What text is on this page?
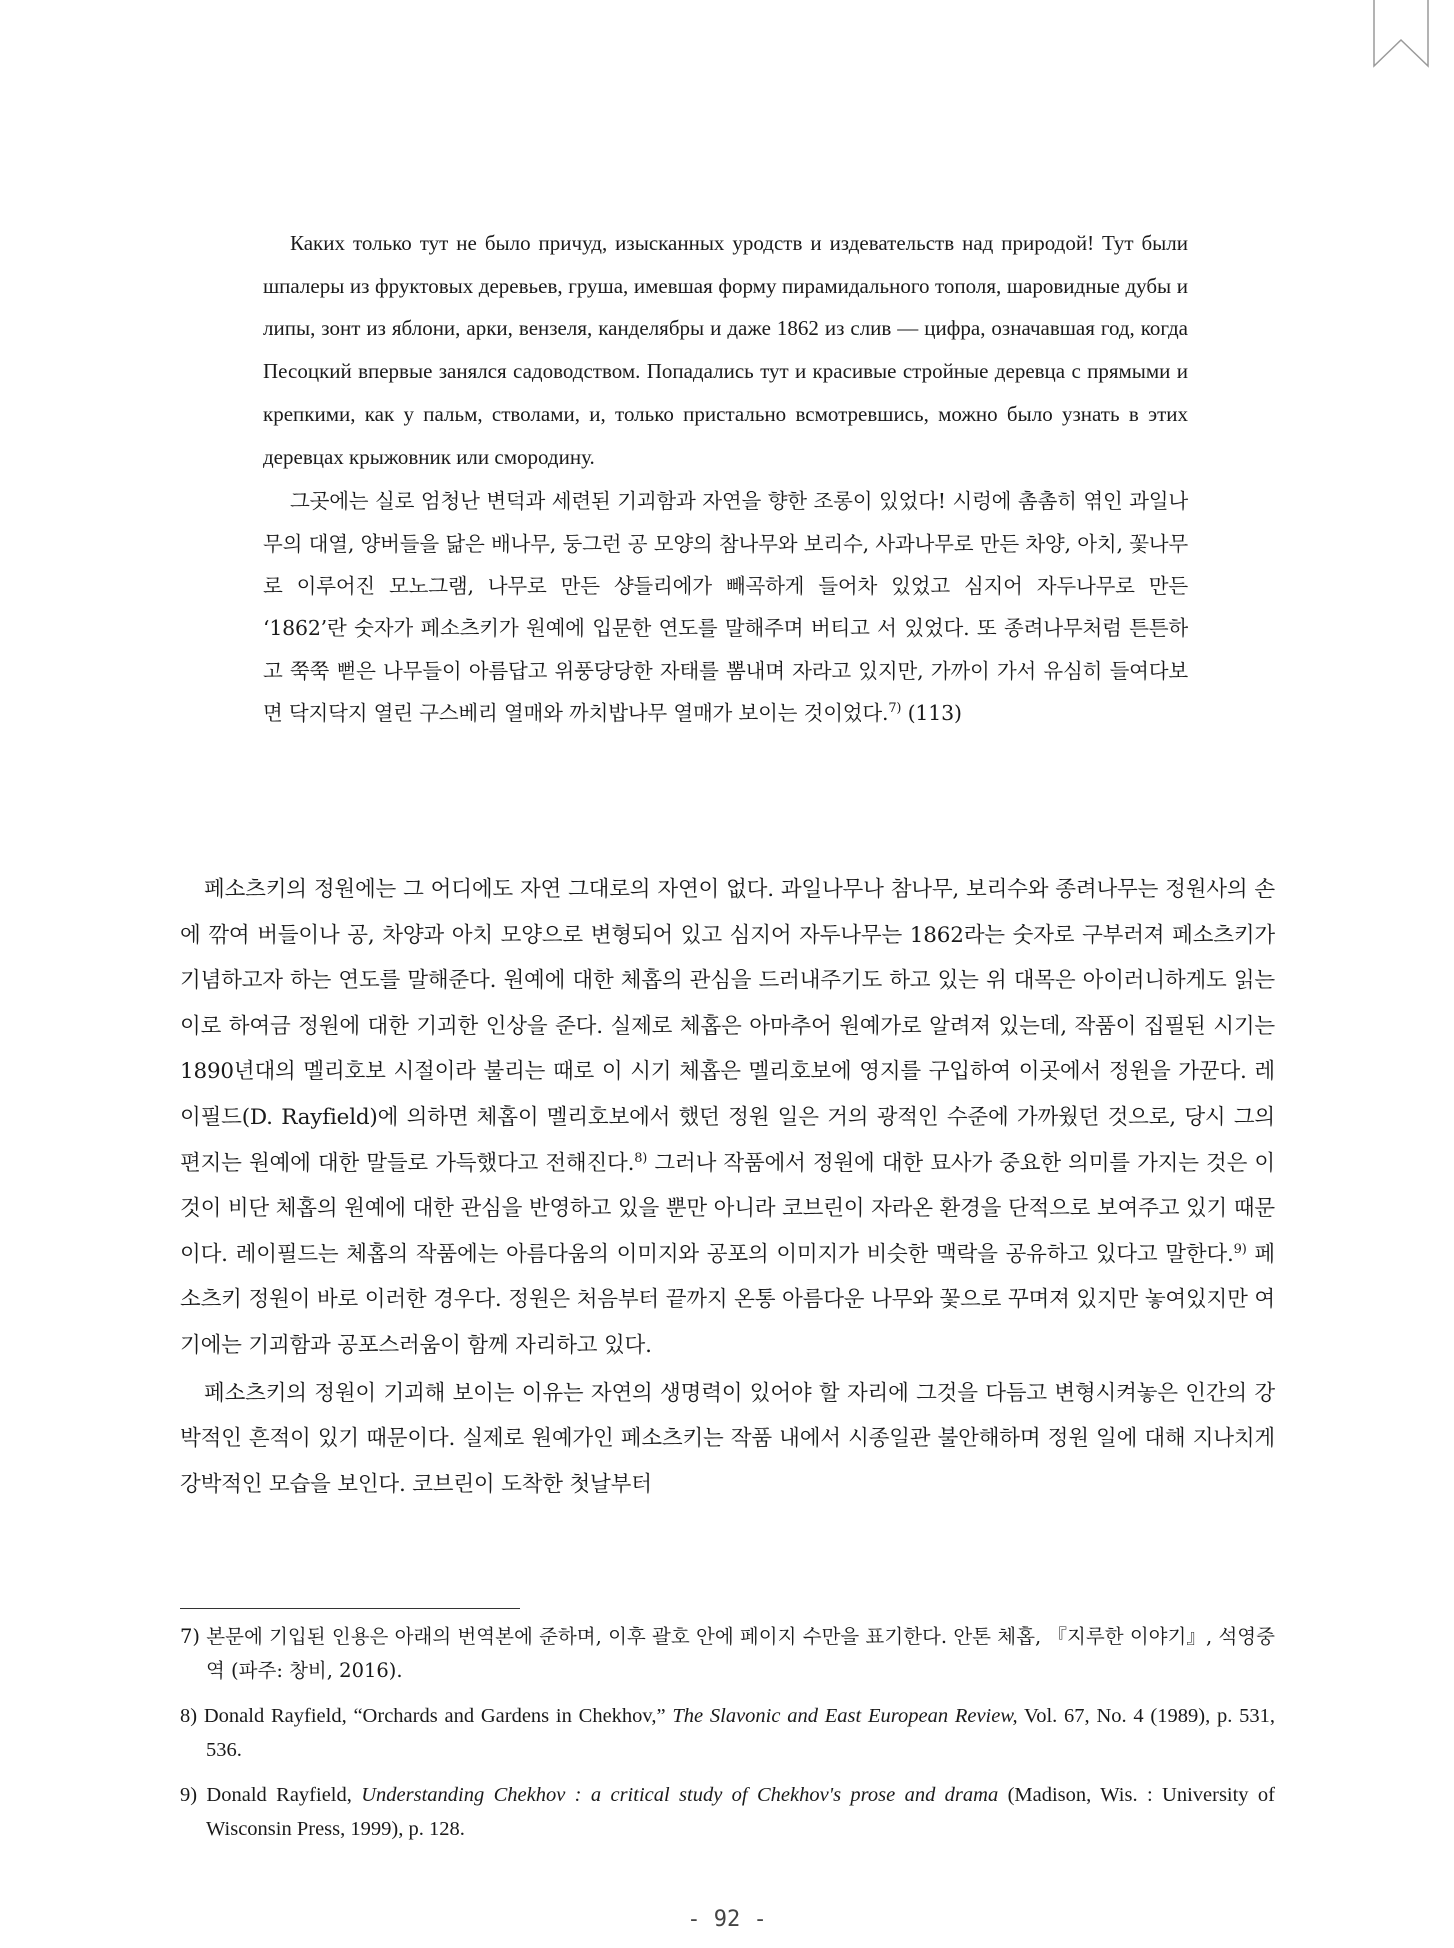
Каких только тут не было причуд, изысканных уродств и издевательств над природой! Тут были шпалеры из фруктовых деревьев, груша, имевшая форму пирамидального тополя, шаровидные дубы и липы, зонт из яблони, арки, вензеля, канделябры и даже 1862 из слив — цифра, означавшая год, когда Песоцкий впервые занялся садоводством. Попадались тут и красивые стройные деревца с прямыми и крепкими, как у пальм, стволами, и, только пристально всмотревшись, можно было узнать в этих деревцах крыжовник или смородину.

그곳에는 실로 엄청난 변덕과 세련된 기괴함과 자연을 향한 조롱이 있었다! 시렁에 촘촘히 엮인 과일나무의 대열, 양버들을 닮은 배나무, 둥그런 공 모양의 참나무와 보리수, 사과나무로 만든 차양, 아치, 꽃나무로 이루어진 모노그램, 나무로 만든 샹들리에가 빼곡하게 들어차 있었고 심지어 자두나무로 만든 ‘1862’란 숫자가 페소츠키가 원예에 입문한 연도를 말해주며 버티고 서 있었다. 또 종려나무처럼 튼튼하고 쭉쭉 뻗은 나무들이 아름답고 위풍당당한 자태를 뽐내며 자라고 있지만, 가까이 가서 유심히 들여다보면 닥지닥지 열린 구스베리 열매와 까치밥나무 열매가 보이는 것이었다.$^{7)}$ (113)

페소츠키의 정원에는 그 어디에도 자연 그대로의 자연이 없다. 과일나무나 참나무, 보리수와 종려나무는 정원사의 손에 깎여 버들이나 공, 차양과 아치 모양으로 변형되어 있고 심지어 자두나무는 1862라는 숫자로 구부러져 페소츠키가 기념하고자 하는 연도를 말해준다. 원예에 대한 체홉의 관심을 드러내주기도 하고 있는 위 대목은 아이러니하게도 읽는 이로 하여금 정원에 대한 기괴한 인상을 준다. 실제로 체홉은 아마추어 원예가로 알려져 있는데, 작품이 집필된 시기는 1890년대의 멜리호보 시절이라 불리는 때로 이 시기 체홉은 멜리호보에 영지를 구입하여 이곳에서 정원을 가꾼다. 레이필드(D. Rayfield)에 의하면 체홉이 멜리호보에서 했던 정원 일은 거의 광적인 수준에 가까웠던 것으로, 당시 그의 편지는 원예에 대한 말들로 가득했다고 전해진다.$^{8)}$ 그러나 작품에서 정원에 대한 묘사가 중요한 의미를 가지는 것은 이것이 비단 체홉의 원예에 대한 관심을 반영하고 있을 뿐만 아니라 코브린이 자라온 환경을 단적으로 보여주고 있기 때문이다. 레이필드는 체홉의 작품에는 아름다움의 이미지와 공포의 이미지가 비슷한 맥락을 공유하고 있다고 말한다.$^{9)}$ 페소츠키 정원이 바로 이러한 경우다. 정원은 처음부터 끝까지 온통 아름다운 나무와 꽃으로 꾸며져 있지만 놓여있지만 여기에는 기괴함과 공포스러움이 함께 자리하고 있다.

페소츠키의 정원이 기괴해 보이는 이유는 자연의 생명력이 있어야 할 자리에 그것을 다듬고 변형시켜놓은 인간의 강박적인 흔적이 있기 때문이다. 실제로 원예가인 페소츠키는 작품 내에서 시종일관 불안해하며 정원 일에 대해 지나치게 강박적인 모습을 보인다. 코브린이 도착한 첫날부터

7) 본문에 기입된 인용은 아래의 번역본에 준하며, 이후 괄호 안에 페이지 수만을 표기한다. 안톤 체홉, 『지루한 이야기』, 석영중 역 (파주: 창비, 2016).

8) Donald Rayfield, “Orchards and Gardens in Chekhov,” The Slavonic and East European Review, Vol. 67, No. 4 (1989), p. 531, 536.

9) Donald Rayfield, Understanding Chekhov : a critical study of Chekhov's prose and drama (Madison, Wis. : University of Wisconsin Press, 1999), p. 128.

- 92 -
